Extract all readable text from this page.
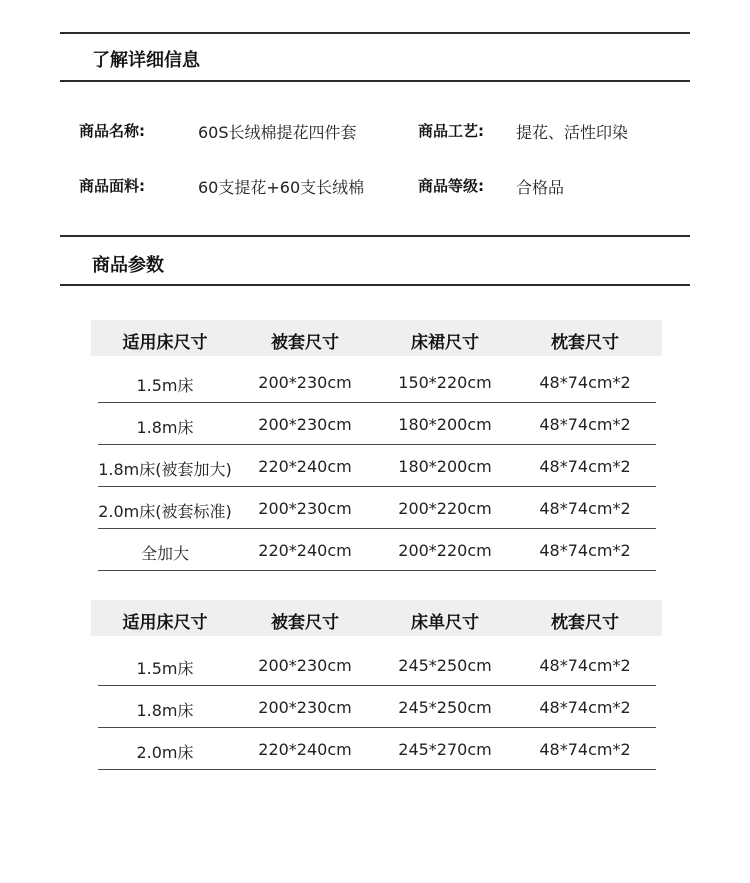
了解详细信息
商品名称:	60S长绒棉提花四件套	商品工艺: 提花、活性印染
商品面料:	60支提花+60支长绒棉	商品等级: 合格品
商品参数
适用床尺寸	被套尺寸	床裙尺寸	枕套尺寸
1.5m床	200*230cm	150*220cm	48*74cm*2
1.8m床	200*230cm	180*200cm	48*74cm*2
1.8m床(被套加大) 220*240cm	180*200cm	48*74cm*2
2.0m床(被套标准) 200*230cm	200*220cm	48*74cm*2
全加大	220*240cm	200*220cm	48*74cm*2
适用床尺寸	被套尺寸	床单尺寸	枕套尺寸
1.5m床	200*230cm	245*250cm	48*74cm*2
1.8m床	200*230cm	245*250cm	48*74cm*2
2.0m床	220*240cm	245*270cm	48*74cm*2
